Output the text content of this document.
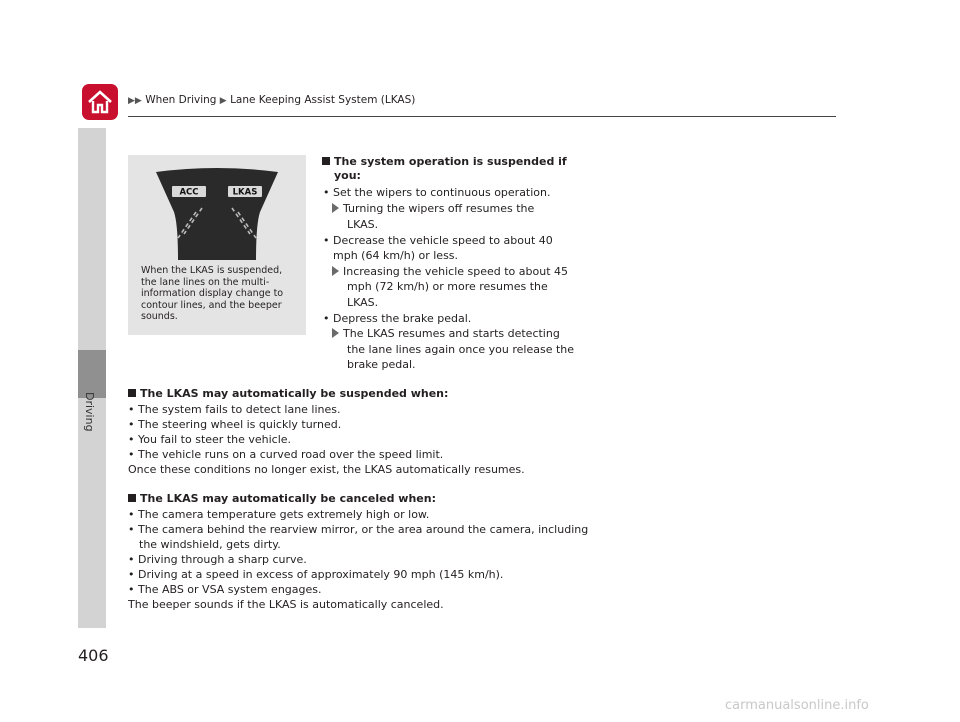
▶▶ When Driving ▶ Lane Keeping Assist System (LKAS)
Driving
ACC	LKAS
When the LKAS is suspended,
the lane lines on the multi-
information display change to
contour lines, and the beeper
sounds.
The system operation is suspended if
you:
• Set the wipers to continuous operation.
Turning the wipers off resumes the
LKAS.
• Decrease the vehicle speed to about 40
mph (64 km/h) or less.
Increasing the vehicle speed to about 45
mph (72 km/h) or more resumes the
LKAS.
• Depress the brake pedal.
The LKAS resumes and starts detecting
the lane lines again once you release the
brake pedal.
The LKAS may automatically be suspended when:
• The system fails to detect lane lines.
• The steering wheel is quickly turned.
• You fail to steer the vehicle.
• The vehicle runs on a curved road over the speed limit.
Once these conditions no longer exist, the LKAS automatically resumes.
The LKAS may automatically be canceled when:
• The camera temperature gets extremely high or low.
• The camera behind the rearview mirror, or the area around the camera, including
the windshield, gets dirty.
• Driving through a sharp curve.
• Driving at a speed in excess of approximately 90 mph (145 km/h).
• The ABS or VSA system engages.
The beeper sounds if the LKAS is automatically canceled.
406
carmanualsonline.info
